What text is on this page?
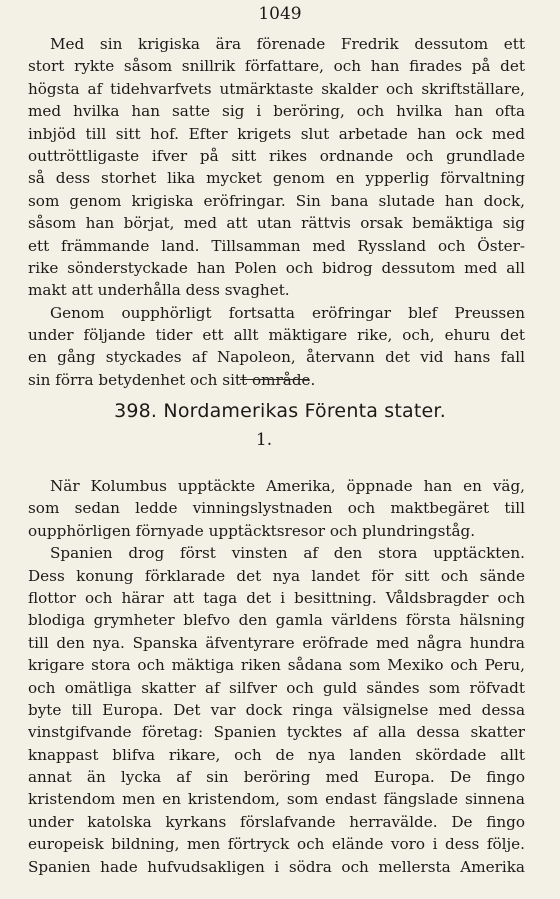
1049
Med sin krigiska ära förenade Fredrik dessutom ett
stort rykte såsom snillrik författare, och han firades på det
högsta af tidehvarfvets utmärktaste skalder och skriftställare,
med hvilka han satte sig i beröring, och hvilka han ofta
inbjöd till sitt hof. Efter krigets slut arbetade han ock med
outtröttligaste ifver på sitt rikes ordnande och grundlade
så dess storhet lika mycket genom en ypperlig förvaltning
som genom krigiska eröfringar. Sin bana slutade han dock,
såsom han börjat, med att utan rättvis orsak bemäktiga sig
ett främmande land. Tillsamman med Ryssland och Öster-
rike sönderstyckade han Polen och bidrog dessutom med all
makt att underhålla dess svaghet.
Genom oupphörligt fortsatta eröfringar blef Preussen
under följande tider ett allt mäktigare rike, och, ehuru det
en gång styckades af Napoleon, återvann det vid hans fall
sin förra betydenhet och sitt område.
398. Nordamerikas Förenta stater.
1.
När Kolumbus upptäckte Amerika, öppnade han en väg,
som sedan ledde vinningslystnaden och maktbegäret till
oupphörligen förnyade upptäcktsresor och plundringståg.
Spanien drog först vinsten af den stora upptäckten.
Dess konung förklarade det nya landet för sitt och sände
flottor och härar att taga det i besittning. Våldsbragder och
blodiga grymheter blefvo den gamla världens första hälsning
till den nya. Spanska äfventyrare eröfrade med några hundra
krigare stora och mäktiga riken sådana som Mexiko och Peru,
och omätliga skatter af silfver och guld sändes som röfvadt
byte till Europa. Det var dock ringa välsignelse med dessa
vinstgifvande företag: Spanien tycktes af alla dessa skatter
knappast blifva rikare, och de nya landen skördade allt
annat än lycka af sin beröring med Europa. De fingo
kristendom men en kristendom, som endast fängslade sinnena
under katolska kyrkans förslafvande herravälde. De fingo
europeisk bildning, men förtryck och elände voro i dess följe.
Spanien hade hufvudsakligen i södra och mellersta Amerika
